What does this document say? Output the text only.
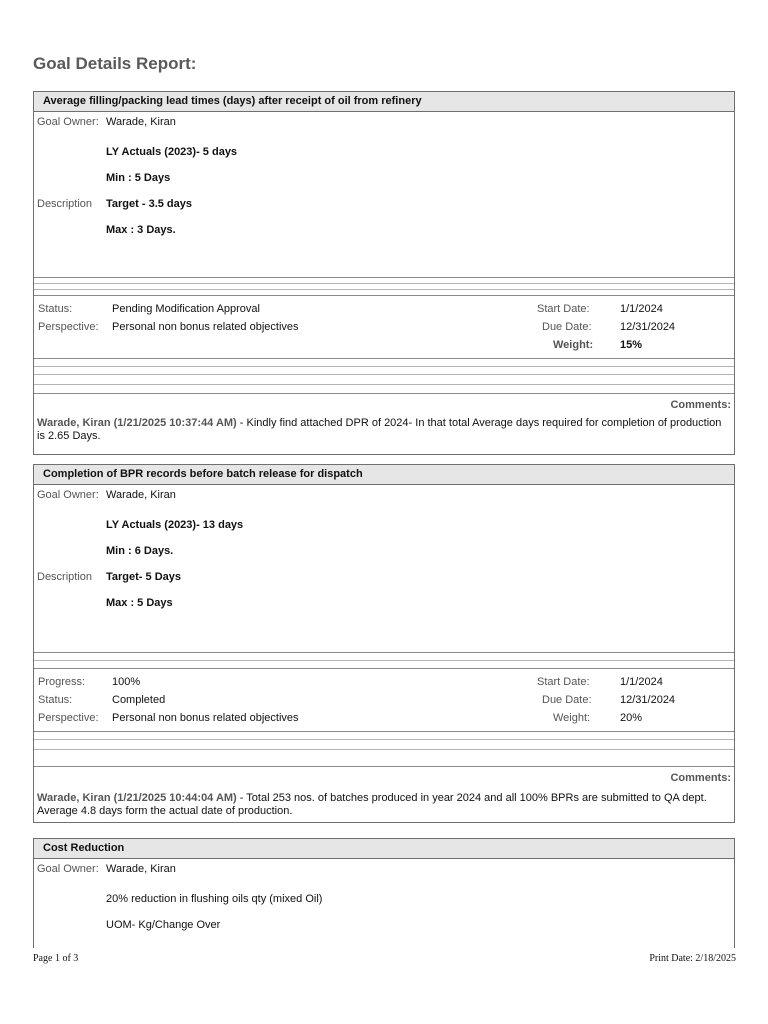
Goal Details Report:
Average filling/packing lead times (days) after receipt of oil from refinery
Goal Owner: Warade, Kiran
LY Actuals (2023)- 5 days
Min : 5 Days
Description Target - 3.5 days
Max : 3 Days.
Status:	Pending Modification Approval
Perspective: Personal non bonus related objectives
Start Date:	1/1/2024
Due Date:	12/31/2024
Weight: 15%
Comments:
Warade, Kiran (1/21/2025 10:37:44 AM) - Kindly find attached DPR of 2024- In that total Average days required for completion of production is 2.65 Days.
Completion of BPR records before batch release for dispatch
Goal Owner: Warade, Kiran
LY Actuals (2023)- 13 days
Min : 6 Days.
Description Target- 5 Days
Max : 5 Days
Progress: 100%
Status:	Completed
Perspective: Personal non bonus related objectives
Start Date:	1/1/2024
Due Date:	12/31/2024
Weight:	20%
Comments:
Warade, Kiran (1/21/2025 10:44:04 AM) - Total 253 nos. of batches produced in year 2024 and all 100% BPRs are submitted to QA dept. Average 4.8 days form the actual date of production.
Cost Reduction
Goal Owner: Warade, Kiran
20% reduction in flushing oils qty (mixed Oil)
UOM- Kg/Change Over
Page 1 of 3	Print Date: 2/18/2025
